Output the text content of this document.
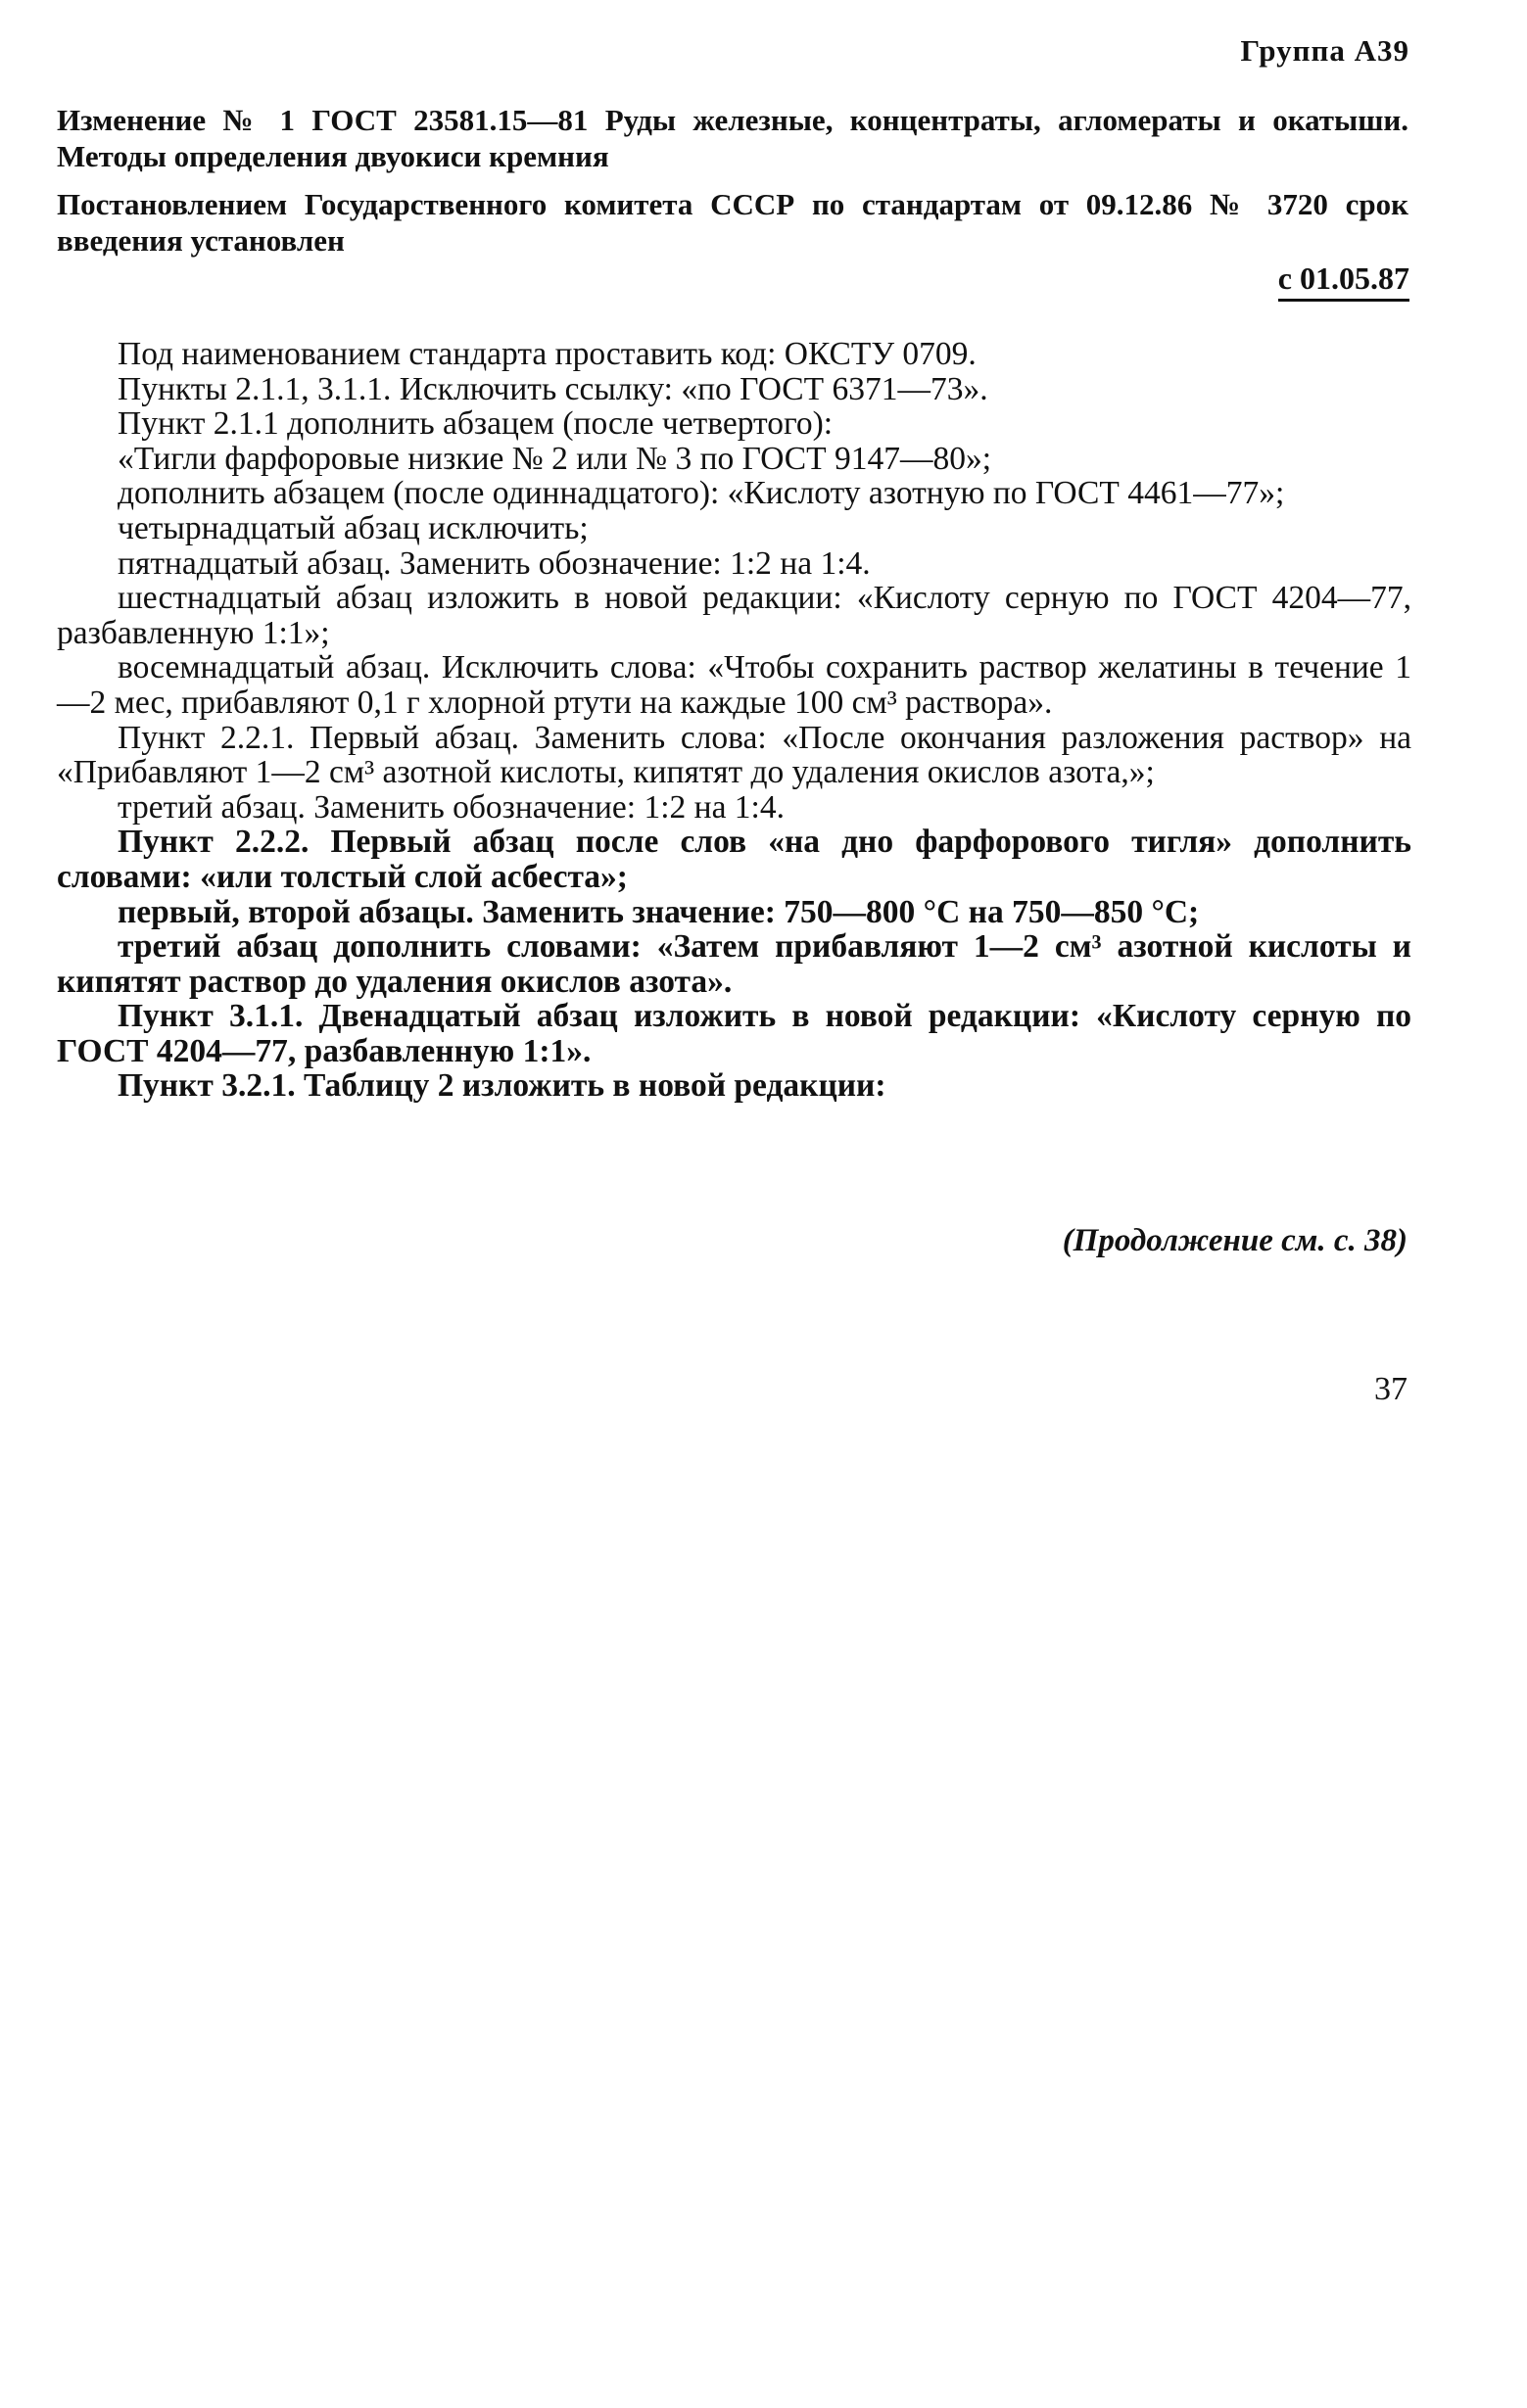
Группа А39

Изменение № 1 ГОСТ 23581.15—81 Руды железные, концентраты, агломераты и окатыши. Методы определения двуокиси кремния

Постановлением Государственного комитета СССР по стандартам от 09.12.86 № 3720 срок введения установлен

с 01.05.87

Под наименованием стандарта проставить код: ОКСТУ 0709.

Пункты 2.1.1, 3.1.1. Исключить ссылку: «по ГОСТ 6371—73».

Пункт 2.1.1 дополнить абзацем (после четвертого):

«Тигли фарфоровые низкие № 2 или № 3 по ГОСТ 9147—80»;

дополнить абзацем (после одиннадцатого): «Кислоту азотную по ГОСТ 4461—77»;

четырнадцатый абзац исключить;

пятнадцатый абзац. Заменить обозначение: 1:2 на 1:4.

шестнадцатый абзац изложить в новой редакции: «Кислоту серную по ГОСТ 4204—77, разбавленную 1:1»;

восемнадцатый абзац. Исключить слова: «Чтобы сохранить раствор желатины в течение 1—2 мес, прибавляют 0,1 г хлорной ртути на каждые 100 см³ раствора».

Пункт 2.2.1. Первый абзац. Заменить слова: «После окончания разложения раствор» на «Прибавляют 1—2 см³ азотной кислоты, кипятят до удаления окислов азота,»;

третий абзац. Заменить обозначение: 1:2 на 1:4.

Пункт 2.2.2. Первый абзац после слов «на дно фарфорового тигля» дополнить словами: «или толстый слой асбеста»;

первый, второй абзацы. Заменить значение: 750—800 °С на 750—850 °С;

третий абзац дополнить словами: «Затем прибавляют 1—2 см³ азотной кислоты и кипятят раствор до удаления окислов азота».

Пункт 3.1.1. Двенадцатый абзац изложить в новой редакции: «Кислоту серную по ГОСТ 4204—77, разбавленную 1:1».

Пункт 3.2.1. Таблицу 2 изложить в новой редакции:

(Продолжение см. с. 38)
37
